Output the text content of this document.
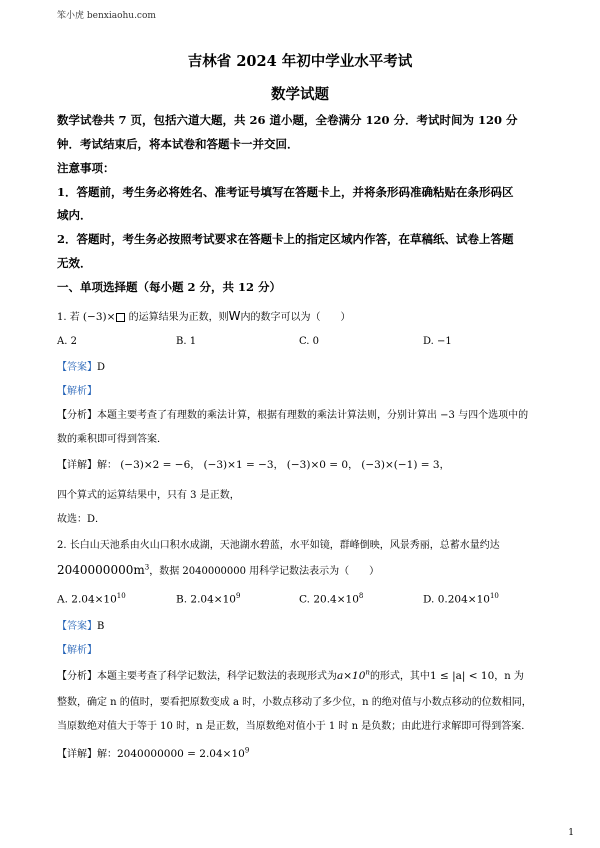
笨小虎 benxiaohu.com
吉林省 2024 年初中学业水平考试
数学试题
数学试卷共 7 页，包括六道大题，共 26 道小题，全卷满分 120 分．考试时间为 120 分
钟．考试结束后，将本试卷和答题卡一并交回．
注意事项：
1．答题前，考生务必将姓名、准考证号填写在答题卡上，并将条形码准确粘贴在条形码区
域内．
2．答题时，考生务必按照考试要求在答题卡上的指定区域内作答，在草稿纸、试卷上答题
无效．
一、单项选择题（每小题 2 分，共 12 分）
1. 若 (−3)× 的运算结果为正数，则W内的数字可以为（　　）
A. 2	B. 1	C. 0	D. −1
【答案】D
【解析】
【分析】本题主要考查了有理数的乘法计算，根据有理数的乘法计算法则，分别计算出 −3 与四个选项中的
数的乘积即可得到答案．
【详解】解： (−3)×2 = −6， (−3)×1 = −3， (−3)×0 = 0， (−3)×(−1) = 3，
四个算式的运算结果中，只有 3 是正数，
故选：D．
2. 长白山天池系由火山口积水成湖，天池湖水碧蓝，水平如镜，群峰倒映，风景秀丽，总蓄水量约达
$2040000000m^3$，数据 2040000000 用科学记数法表示为（　　）
A. $2.04\times 10^{10}$	B. $2.04\times 10^9$	C. $20.4\times 10^8$	D. $0.204\times 10^{10}$
【答案】B
【解析】
【分析】本题主要考查了科学记数法，科学记数法的表现形式为$a\times 10^n$的形式，其中1 ≤ |a| < 10，n 为
整数，确定 n 的值时，要看把原数变成 a 时，小数点移动了多少位，n 的绝对值与小数点移动的位数相同，
当原数绝对值大于等于 10 时，n 是正数，当原数绝对值小于 1 时 n 是负数；由此进行求解即可得到答案．
【详解】解：$2040000000 = 2.04\times 10^9$
1
